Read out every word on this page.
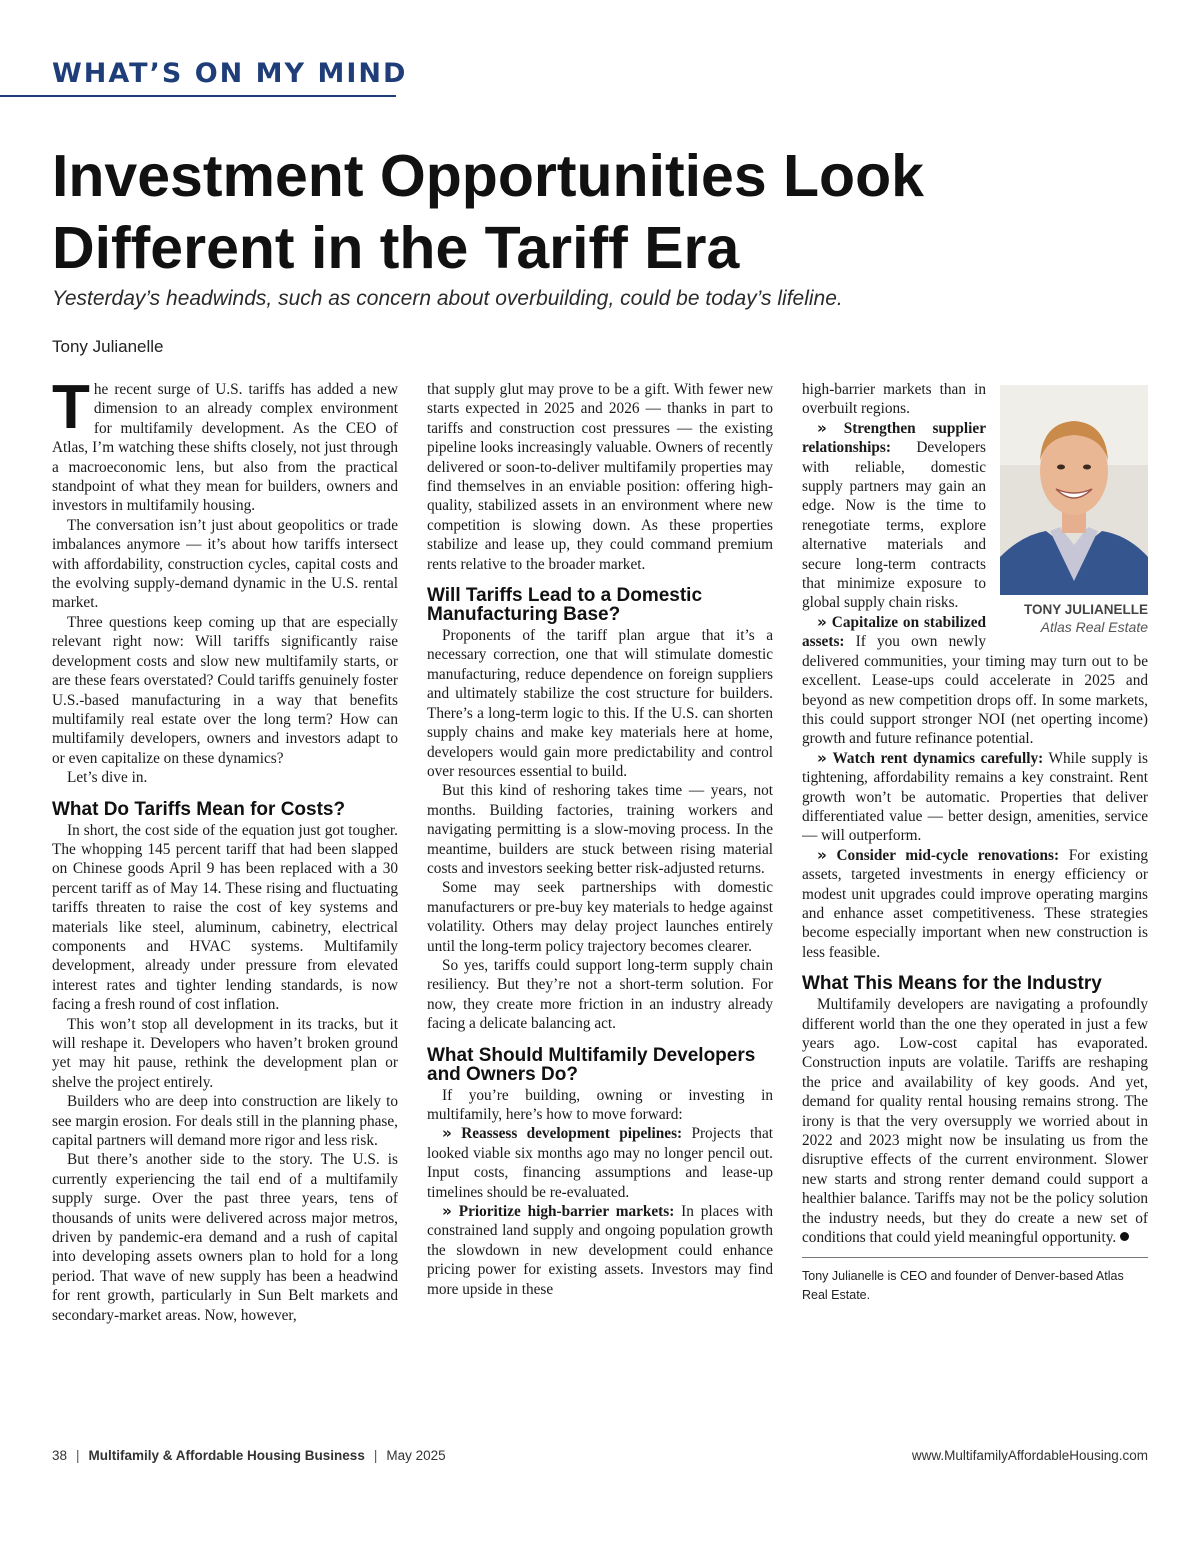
WHAT’S ON MY MIND
Investment Opportunities Look Different in the Tariff Era
Yesterday’s headwinds, such as concern about overbuilding, could be today’s lifeline.
Tony Julianelle

The recent surge of U.S. tariffs has added a new dimension to an already complex environment for multifamily development. As the CEO of Atlas, I’m watching these shifts closely, not just through a macroeconomic lens, but also from the practical standpoint of what they mean for builders, owners and investors in multifamily housing.

The conversation isn’t just about geopolitics or trade imbalances anymore — it’s about how tariffs intersect with affordability, construction cycles, capital costs and the evolving supply-demand dynamic in the U.S. rental market.

Three questions keep coming up that are especially relevant right now: Will tariffs significantly raise development costs and slow new multifamily starts, or are these fears overstated? Could tariffs genuinely foster U.S.-based manufacturing in a way that benefits multifamily real estate over the long term? How can multifamily developers, owners and investors adapt to or even capitalize on these dynamics?

Let’s dive in.

What Do Tariffs Mean for Costs?

In short, the cost side of the equation just got tougher. The whopping 145 percent tariff that had been slapped on Chinese goods April 9 has been replaced with a 30 percent tariff as of May 14. These rising and fluctuating tariffs threaten to raise the cost of key systems and materials like steel, aluminum, cabinetry, electrical components and HVAC systems. Multifamily development, already under pressure from elevated interest rates and tighter lending standards, is now facing a fresh round of cost inflation.

This won’t stop all development in its tracks, but it will reshape it. Developers who haven’t broken ground yet may hit pause, rethink the development plan or shelve the project entirely.

Builders who are deep into construction are likely to see margin erosion. For deals still in the planning phase, capital partners will demand more rigor and less risk.

But there’s another side to the story. The U.S. is currently experiencing the tail end of a multifamily supply surge. Over the past three years, tens of thousands of units were delivered across major metros, driven by pandemic-era demand and a rush of capital into developing assets owners plan to hold for a long period. That wave of new supply has been a headwind for rent growth, particularly in Sun Belt markets and secondary-market areas. Now, however,

that supply glut may prove to be a gift. With fewer new starts expected in 2025 and 2026 — thanks in part to tariffs and construction cost pressures — the existing pipeline looks increasingly valuable. Owners of recently delivered or soon-to-deliver multifamily properties may find themselves in an enviable position: offering high-quality, stabilized assets in an environment where new competition is slowing down. As these properties stabilize and lease up, they could command premium rents relative to the broader market.

Will Tariffs Lead to a Domestic Manufacturing Base?

Proponents of the tariff plan argue that it’s a necessary correction, one that will stimulate domestic manufacturing, reduce dependence on foreign suppliers and ultimately stabilize the cost structure for builders. There’s a long-term logic to this. If the U.S. can shorten supply chains and make key materials here at home, developers would gain more predictability and control over resources essential to build.

But this kind of reshoring takes time — years, not months. Building factories, training workers and navigating permitting is a slow-moving process. In the meantime, builders are stuck between rising material costs and investors seeking better risk-adjusted returns.

Some may seek partnerships with domestic manufacturers or pre-buy key materials to hedge against volatility. Others may delay project launches entirely until the long-term policy trajectory becomes clearer.

So yes, tariffs could support long-term supply chain resiliency. But they’re not a short-term solution. For now, they create more friction in an industry already facing a delicate balancing act.

What Should Multifamily Developers and Owners Do?

If you’re building, owning or investing in multifamily, here’s how to move forward:

» Reassess development pipelines: Projects that looked viable six months ago may no longer pencil out. Input costs, financing assumptions and lease-up timelines should be re-evaluated.

» Prioritize high-barrier markets: In places with constrained land supply and ongoing population growth the slowdown in new development could enhance pricing power for existing assets. Investors may find more upside in these

TONY JULIANELLE
Atlas Real Estate

high-barrier markets than in overbuilt regions.

» Strengthen supplier relationships: Developers with reliable, domestic supply partners may gain an edge. Now is the time to renegotiate terms, explore alternative materials and secure long-term contracts that minimize exposure to global supply chain risks.

» Capitalize on stabilized assets: If you own newly delivered communities, your timing may turn out to be excellent. Lease-ups could accelerate in 2025 and beyond as new competition drops off. In some markets, this could support stronger NOI (net operting income) growth and future refinance potential.

» Watch rent dynamics carefully: While supply is tightening, affordability remains a key constraint. Rent growth won’t be automatic. Properties that deliver differentiated value — better design, amenities, service — will outperform.

» Consider mid-cycle renovations: For existing assets, targeted investments in energy efficiency or modest unit upgrades could improve operating margins and enhance asset competitiveness. These strategies become especially important when new construction is less feasible.

What This Means for the Industry

Multifamily developers are navigating a profoundly different world than the one they operated in just a few years ago. Low-cost capital has evaporated. Construction inputs are volatile. Tariffs are reshaping the price and availability of key goods. And yet, demand for quality rental housing remains strong. The irony is that the very oversupply we worried about in 2022 and 2023 might now be insulating us from the disruptive effects of the current environment. Slower new starts and strong renter demand could support a healthier balance. Tariffs may not be the policy solution the industry needs, but they do create a new set of conditions that could yield meaningful opportunity.

Tony Julianelle is CEO and founder of Denver-based Atlas Real Estate.
38 | Multifamily & Affordable Housing Business | May 2025	www.MultifamilyAffordableHousing.com
